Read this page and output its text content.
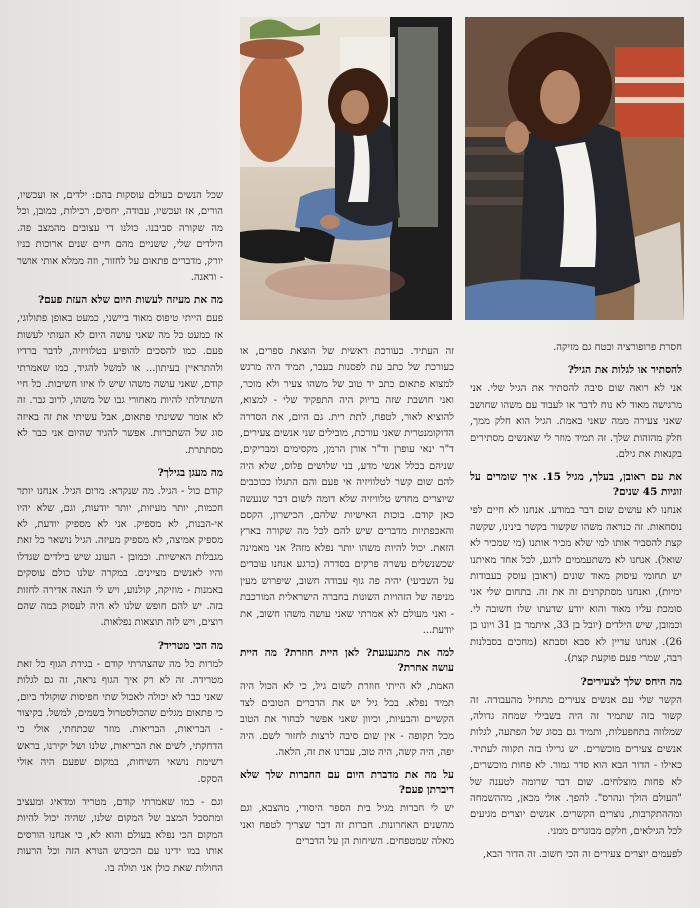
חסרת פרופורציה ובטח גם מזיקה.

להסתיר או לגלות את הגיל?

אני לא רואה שום סיבה להסתיר את הגיל שלי. אני מרגישה מאוד לא נוח לדבר או לעבוד עם משהו שחושב שאני צעירה ממה שאני באמת. הגיל הוא חלק ממך, חלק מהזהות שלך. זה תמיד מוזר לי שאנשים מסתירים בקנאות את גילם.

את עם ראובן, בעלך, מגיל 15. איך שומרים על זוגיות 45 שנים?

אנחנו לא עושים שום דבר במודע. אנחנו לא חיים לפי נוסחאות. זה כנראה משהו שקשור בקשר בינינו, שקשה קצת להסביר אותו למי שלא מכיר אותנו (מי שמכיר לא שואל). אנחנו לא משתעממים לרגע, לכל אחד מאיתנו יש תחומי עיסוק מאוד שונים (ראובן עוסק בעבודות ימיות), ואנחנו מסתקרנים זה את זה. בתחום שלי אני סומכת עליו מאוד והוא יודע שדעתו שלו חשובה לי. וכמובן, שיש הילדים (יובל בן 33, איתמר בן 31 ויונו בן 26). אנחנו עדיין לא סבא וסבתא (מחכים בסבלנות רבה, שמרי פעם פוקעת קצת).

מה היחס שלך לצעירים?

הקשר שלי עם אנשים צעירים מתחיל מהעבודה. זה קשור בזה שתמיד זה היה בשבילי שמחה גדולה, שמלווה בתחפעלות, ותמיד גם בסוג של הפתעה, לגלות אנשים צעירים מוכשרים. יש גרילו בזה תקווה לעתיד. כאילו - הדור הבא הוא סדר גמור. לא פחות מוכשרים, לא פחות מוצלחים. שום דבר שרומה לטענה של "העולם הולך ונהרס". להפך. אולי מכאן, מההשמחה ומההתקרבות, נוצרים הקשרים. אנשים יוצרים מגיעים לכל הגילאים, חלקם מבוגרים ממני.

לפעמים יוצרים צעירים זה הכי חשוב. זה הדור הבא,

זה העתיד. כעורכת ראשית של הוצאת ספרים, או כעורכת של כתב עת לפסנות בעבר, תמיד היה מרגש למצוא פתאום כתב יד טוב של משהו צעיר ולא מוכר, ואני חושבת שזה בדיוק היה התפקיד שלי - למצוא, להוציא לאור, לטפח, לתת רית. גם היום, את הסדרה הדוקומנטרית שאני עורכת, מובילים שני אנשים צעירים, ד"ר ינאי עופרן וד"ר אורן הרמן, מקסימים ומבריקים, שניהם בכלל אנשי מדע, בני שלושים פלוס, שלא היה להם שום קשר לטלוויזיה אי פעם והם התגלו ככוכבים שיוצרים מחדש טלוויזיה שלא דומה לשום דבר שנעשה כאן קודם. בוכות האישיות שלהם, הכישרון, הקסם והאכפתיות מדברים שיש להם לכל מה שקורה בארץ הזאת. יכול להיות משהו יותר נפלא מזה? אני מאמינה שכשנשלים עשרה פרקים בסדרה (כרגע אנחנו עובדים על השביעי) יהיה פה גוף עבודה חשוב, שיפרוש מעין מניפה של הזהויות השונות בחברה הישראלית המורכבת - ואני מעולם לא אמרתי שאני עושה משהו חשוב, את יודעת...

למה את מתגעגעת? לאן היית חוזרת? מה היית עושה אחרת?

האמת, לא הייתי חוזרת לשום גיל, כי לא הכול היה תמיד נפלא. בכל גיל יש את הדברים הטובים לצד הקשיים והבעיות, וכיוון שאני אפשר לבחור את הטוב מכל תקופה - אין שום סיבה לרצות לחזור לשם. היה יפה, היה קשה, היה טוב, עברנו את זה, הלאה.

על מה את מדברת היום עם החברות שלך שלא דיברתן פעם?

יש לי חברות מגיל בית הספר היסודי, מהצבא, וגם מהשנים האחרונות. חברות זה דבר שצריך לטפח ואני מאלה שמטפחים. השיחות הן על הדברים

שכל הנשים בעולם עוסקות בהם: ילדים, אז ועכשיו, הורים, אז ועכשיו, עבודה, יחסים, רכילות, כמובן, וכל מה שקורה סביבנו. כולנו די עצובים מהמצב פה. הילדים שלי, ששניים מהם חיים שנים ארוכות בניו יורק, מדברים פתאום על לחזור, וזה ממלא אותי אושר - ודאגה.

מה את מעיזה לעשות היום שלא העזת פעם?

פעם הייתי טיפוס מאוד ביישני, כמעט באופן פתולוגי, אז כמעט כל מה שאני עושה היום לא העזתי לעשות פעם. כמו להסכים להופיע בטלוויזיה, לדבר ברדיו ולהתראיין בעיתון... או למשל להגיד, כמו שאמרתי קודם, שאני עושה משהו שיש לו איזו חשיבות. כל חיי השתדלתי להיות מאחורי גבו של משהו, לרוב גבר. זה לא אומר ששינתי פתאום, אבל עשיתי את זה באיזה סוג של השתכרות. אפשר להגיד שהיום אני כבר לא מסתתרת.

מה מעגן בגילך?

קודם כול - הגיל. מה שנקרא: מרום הגיל. אנחנו יותר חכמות, יותר מעיזות, יותר יודעות, וגם, שלא יהיו אי-הבנות, לא מספיק. אני לא מספיק יודעת, לא מספיק אמיצה, לא מספיק מעיזה. הגיל נושאר כל זאת מגבלות האישיות. וכמובן - העונג שיש בילדים שגדלו והיו לאנשים מציינים. במקרה שלנו כולם עוסקים באמנות - מוזיקה, קולנוע, ויש לי הנאה אדירה לחזות בזה. יש להם חופש שלנו לא היה לעסוק במה שהם רוצים, ויש לזה תוצאות נפלאות.

מה הכי מטריד?

למרות כל מה שהצהרתי קודם - בגידת הגוף כל זאת מטרידה. זה לא רק איך הגוף נראה, זה גם לגלות שאני כבר לא יכולה לאכול שתי חפיסות שוקולד ביום, כי פתאום מגלים שהכולסטרול בשמים, למשל. בקיצור - הבריאות, הבריאות. מוזר שכתחתי, אולי כי הדחקתי, לשים את הבריאות, שלנו ושל יקירנו, בראש רשימת נושאי השיחות, במקום שפעם היה אולי הסקס.

וגם - כמו שאמרתי קודם, מטריד ומדאיג ומעציב ומתסכל המצב של המקום שלנו, שהיה יכול להיות המקום הכי נפלא בעולם והוא לא, כי אנחנו הורסים אותו במו ידינו עם הכיבוש הנורא הזה וכל הרעות החולות שאת כולן אני תולה בו.
